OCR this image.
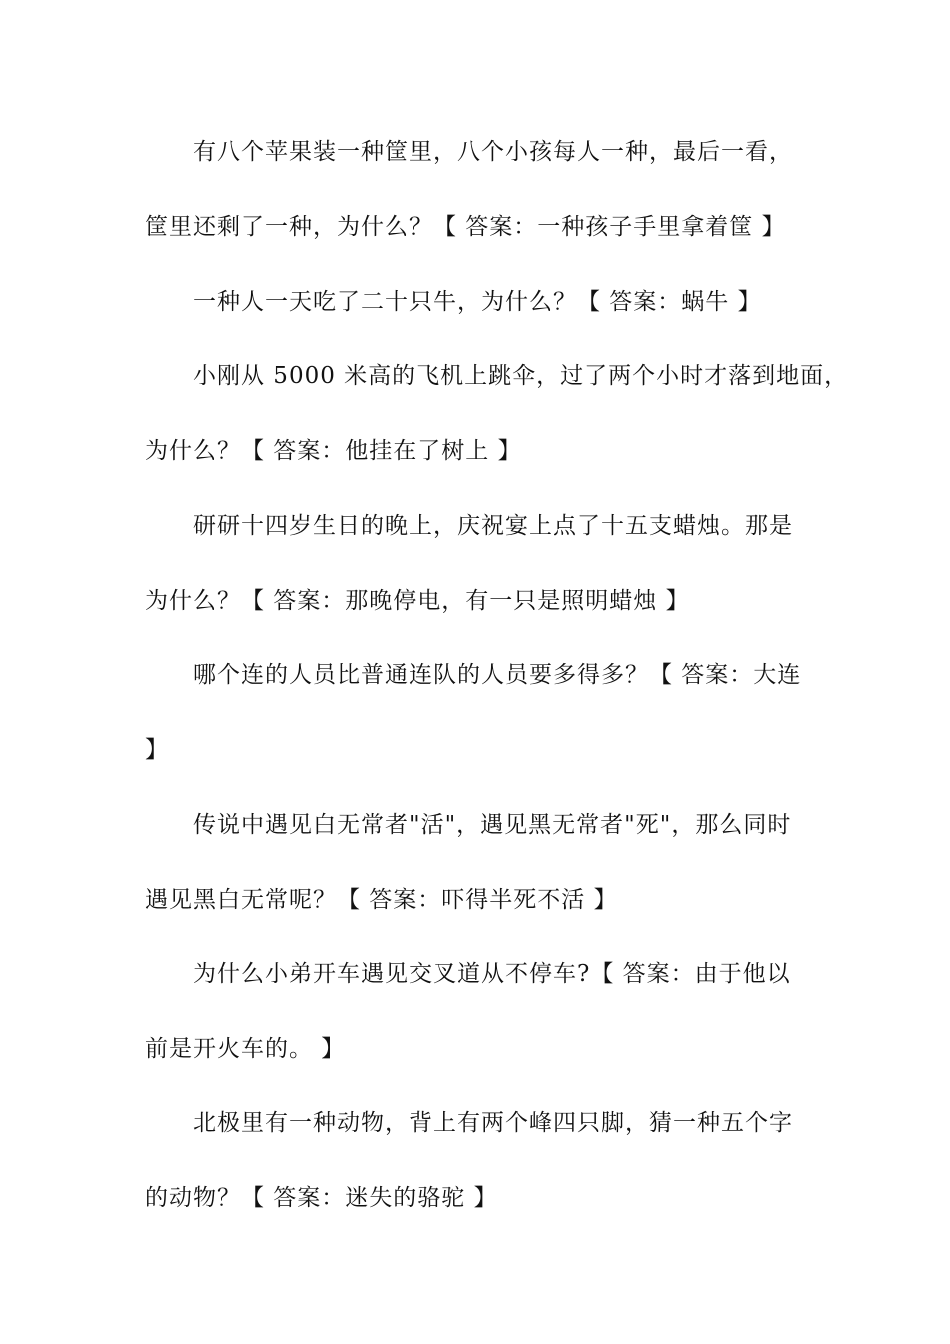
有八个苹果装一种筐里，八个小孩每人一种，最后一看，
筐里还剩了一种，为什么？【 答案：一种孩子手里拿着筐 】
一种人一天吃了二十只牛，为什么？【 答案：蜗牛 】
小刚从 5000 米高的飞机上跳伞，过了两个小时才落到地面，
为什么？【 答案：他挂在了树上 】
研研十四岁生日的晚上，庆祝宴上点了十五支蜡烛。那是
为什么？【 答案：那晚停电，有一只是照明蜡烛 】
哪个连的人员比普通连队的人员要多得多？【 答案：大连
】
传说中遇见白无常者"活"，遇见黑无常者"死"，那么同时
遇见黑白无常呢？【 答案：吓得半死不活 】
为什么小弟开车遇见交叉道从不停车?【 答案：由于他以
前是开火车的。 】
北极里有一种动物，背上有两个峰四只脚，猜一种五个字
的动物？【 答案：迷失的骆驼 】
